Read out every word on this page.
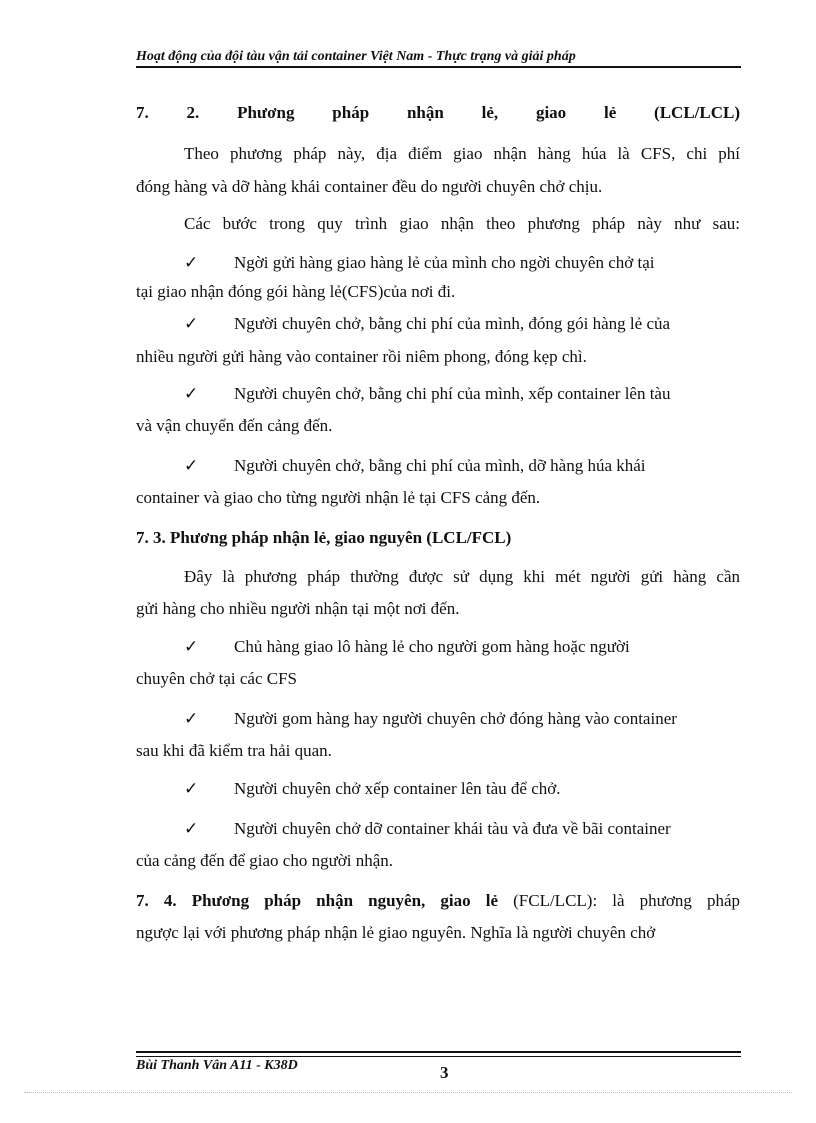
Hoạt động của đội tàu vận tải container Việt Nam - Thực trạng và giải pháp
7. 2. Phương pháp nhận lẻ, giao lẻ (LCL/LCL)
Theo phương pháp này, địa điểm giao nhận hàng húa là CFS, chi phí
đóng hàng và dỡ hàng khái container đều do người chuyên chở chịu.
Các bước trong quy trình giao nhận theo phương pháp này như sau:
✓ Ngời gửi hàng giao hàng lẻ của mình cho ngời chuyên chở tại
tại giao nhận đóng gói hàng lẻ(CFS)của nơi đi.
✓ Người chuyên chở, bằng chi phí của mình, đóng gói hàng lẻ của
nhiều người gửi hàng vào container rồi niêm phong, đóng kẹp chì.
✓ Người chuyên chở, bằng chi phí của mình, xếp container lên tàu
và vận chuyển đến cảng đến.
✓ Người chuyên chở, bằng chi phí của mình, dỡ hàng húa khái
container và giao cho từng người nhận lẻ tại CFS cảng đến.
7. 3. Phương pháp nhận lẻ, giao nguyên (LCL/FCL)
Đây là phương pháp thường được sử dụng khi mét người gửi hàng cần
gửi hàng cho nhiều người nhận tại một nơi đến.
✓ Chủ hàng giao lô hàng lẻ cho người gom hàng hoặc người
chuyên chở tại các CFS
✓ Người gom hàng hay người chuyên chở đóng hàng vào container
sau khi đã kiểm tra hải quan.
✓ Người chuyên chở xếp container lên tàu để chở.
✓ Người chuyên chở dỡ container khái tàu và đưa về bãi container
của cảng đến để giao cho người nhận.
7. 4. Phương pháp nhận nguyên, giao lẻ (FCL/LCL): là phương pháp
ngược lại với phương pháp nhận lẻ giao nguyên. Nghĩa là người chuyên chở
Bùi Thanh Vân A11 - K38D	3
